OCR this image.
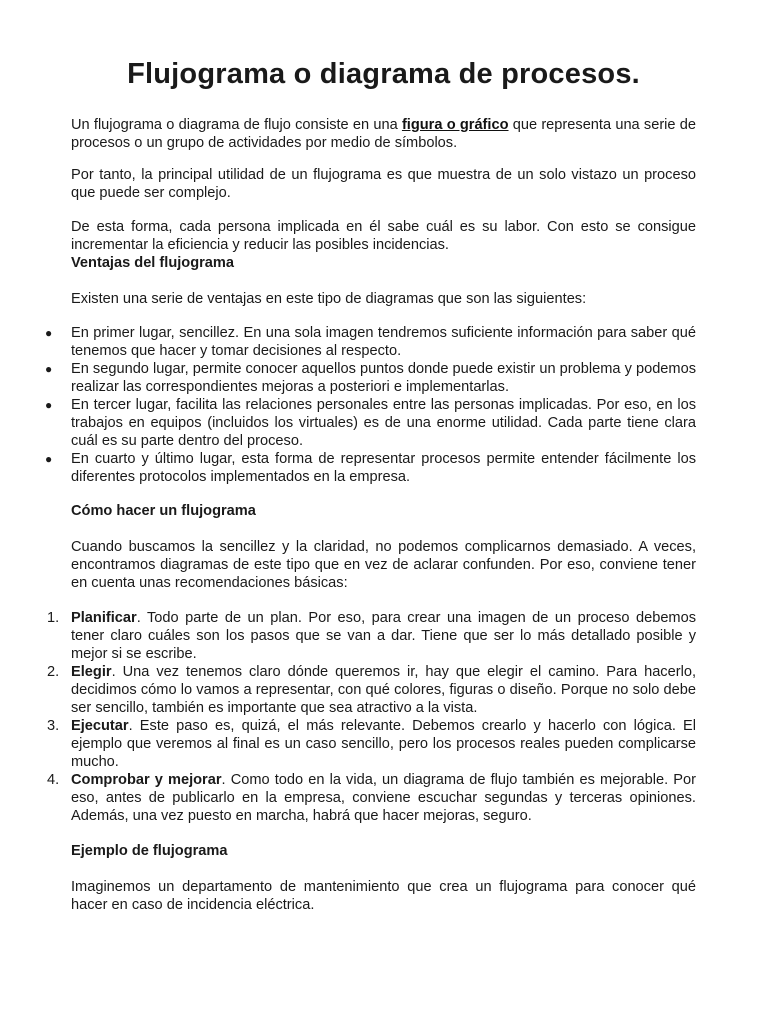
Flujograma o diagrama de procesos.

Un flujograma o diagrama de flujo consiste en una figura o gráfico que representa una serie de procesos o un grupo de actividades por medio de símbolos.

Por tanto, la principal utilidad de un flujograma es que muestra de un solo vistazo un proceso que puede ser complejo.

De esta forma, cada persona implicada en él sabe cuál es su labor. Con esto se consigue incrementar la eficiencia y reducir las posibles incidencias.

Ventajas del flujograma

Existen una serie de ventajas en este tipo de diagramas que son las siguientes:

● En primer lugar, sencillez. En una sola imagen tendremos suficiente información para saber qué tenemos que hacer y tomar decisiones al respecto.
● En segundo lugar, permite conocer aquellos puntos donde puede existir un problema y podemos realizar las correspondientes mejoras a posteriori e implementarlas.
● En tercer lugar, facilita las relaciones personales entre las personas implicadas. Por eso, en los trabajos en equipos (incluidos los virtuales) es de una enorme utilidad. Cada parte tiene clara cuál es su parte dentro del proceso.
● En cuarto y último lugar, esta forma de representar procesos permite entender fácilmente los diferentes protocolos implementados en la empresa.
Cómo hacer un flujograma

Cuando buscamos la sencillez y la claridad, no podemos complicarnos demasiado. A veces, encontramos diagramas de este tipo que en vez de aclarar confunden. Por eso, conviene tener en cuenta unas recomendaciones básicas:

1. Planificar. Todo parte de un plan. Por eso, para crear una imagen de un proceso debemos tener claro cuáles son los pasos que se van a dar. Tiene que ser lo más detallado posible y mejor si se escribe.
2. Elegir. Una vez tenemos claro dónde queremos ir, hay que elegir el camino. Para hacerlo, decidimos cómo lo vamos a representar, con qué colores, figuras o diseño. Porque no solo debe ser sencillo, también es importante que sea atractivo a la vista.
3. Ejecutar. Este paso es, quizá, el más relevante. Debemos crearlo y hacerlo con lógica. El ejemplo que veremos al final es un caso sencillo, pero los procesos reales pueden complicarse mucho.
4. Comprobar y mejorar. Como todo en la vida, un diagrama de flujo también es mejorable. Por eso, antes de publicarlo en la empresa, conviene escuchar segundas y terceras opiniones. Además, una vez puesto en marcha, habrá que hacer mejoras, seguro.
Ejemplo de flujograma

Imaginemos un departamento de mantenimiento que crea un flujograma para conocer qué hacer en caso de incidencia eléctrica.
